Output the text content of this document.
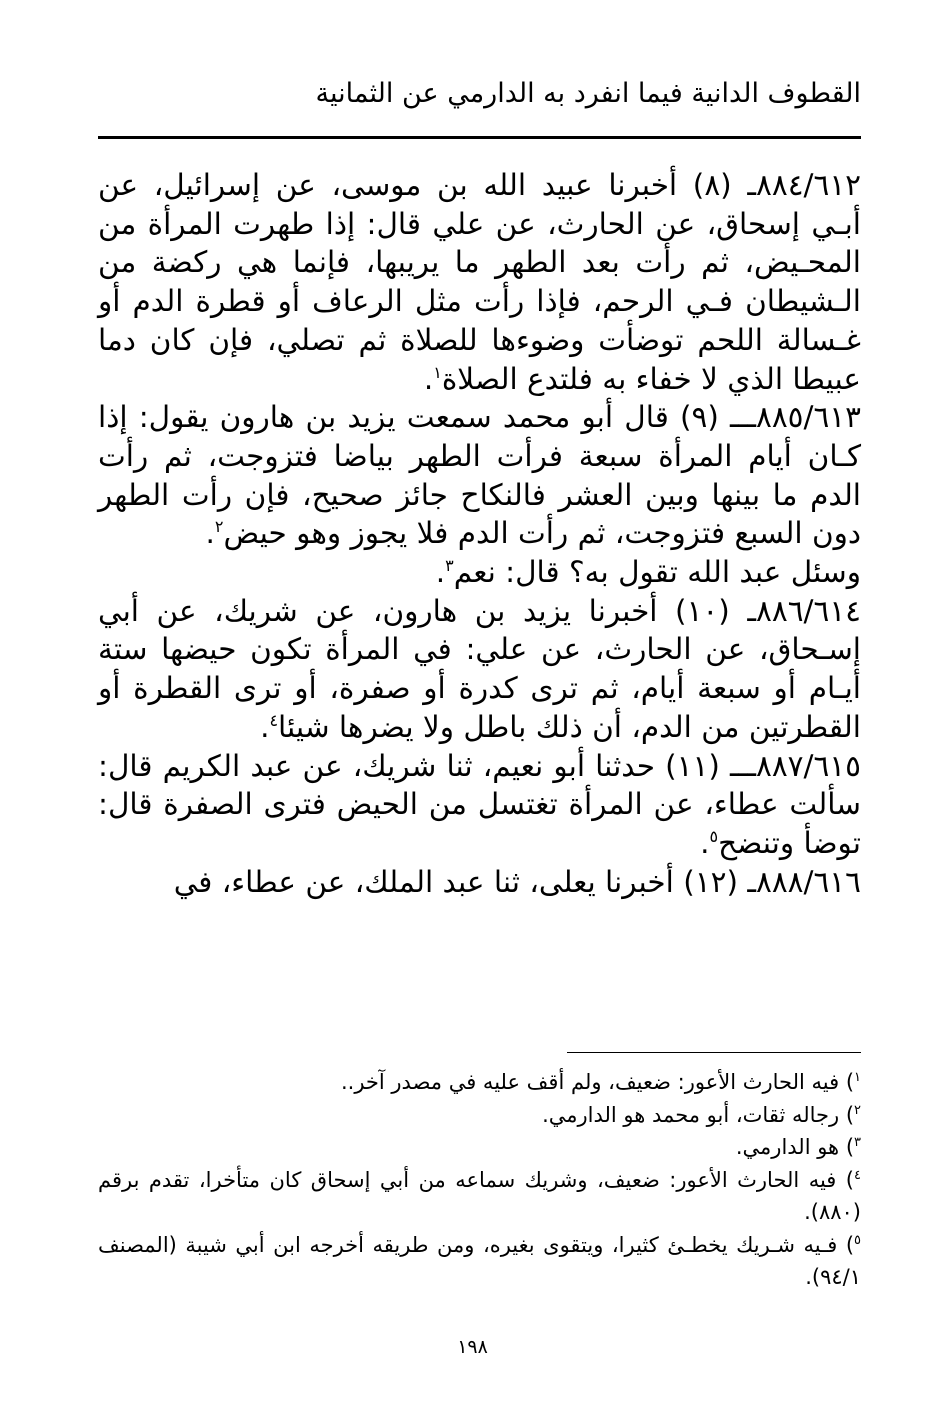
القطوف الدانية فيما انفرد به الدارمي عن الثمانية

٨٨٤/٦١٢ـ (٨) أخبرنا عبيد الله بن موسى، عن إسرائيل، عن أبـي إسحاق، عن الحارث، عن علي قال: إذا طهرت المرأة من المحـيض، ثم رأت بعد الطهر ما يريبها، فإنما هي ركضة من الـشيطان فـي الرحم، فإذا رأت مثل الرعاف أو قطرة الدم أو غـسالة اللحم توضأت وضوءها للصلاة ثم تصلي، فإن كان دما عبيطا الذي لا خفاء به فلتدع الصلاة$^١$.

٨٨٥/٦١٣ـــ (٩) قال أبو محمد سمعت يزيد بن هارون يقول: إذا كـان أيام المرأة سبعة فرأت الطهر بياضا فتزوجت، ثم رأت الدم ما بينها وبين العشر فالنكاح جائز صحيح، فإن رأت الطهر دون السبع فتزوجت، ثم رأت الدم فلا يجوز وهو حيض$^٢$.

وسئل عبد الله تقول به؟ قال: نعم$^٣$.

٨٨٦/٦١٤ـ (١٠) أخبرنا يزيد بن هارون، عن شريك، عن أبي إسـحاق، عن الحارث، عن علي: في المرأة تكون حيضها ستة أيـام أو سبعة أيام، ثم ترى كدرة أو صفرة، أو ترى القطرة أو القطرتين من الدم، أن ذلك باطل ولا يضرها شيئا$^٤$.

٨٨٧/٦١٥ـــ (١١) حدثنا أبو نعيم، ثنا شريك، عن عبد الكريم قال: سألت عطاء، عن المرأة تغتسل من الحيض فترى الصفرة قال: توضأ وتنضح$^٥$.

٨٨٨/٦١٦ـ (١٢) أخبرنا يعلى، ثنا عبد الملك، عن عطاء، في

$^١$) فيه الحارث الأعور: ضعيف، ولم أقف عليه في مصدر آخر..

$^٢$) رجاله ثقات، أبو محمد هو الدارمي.

$^٣$) هو الدارمي.

$^٤$) فيه الحارث الأعور: ضعيف، وشريك سماعه من أبي إسحاق كان متأخرا، تقدم برقم (٨٨٠).

$^٥$) فـيه شـريك يخطـئ كثيرا، ويتقوى بغيره، ومن طريقه أخرجه ابن أبي شيبة (المصنف ٩٤/١).

١٩٨
